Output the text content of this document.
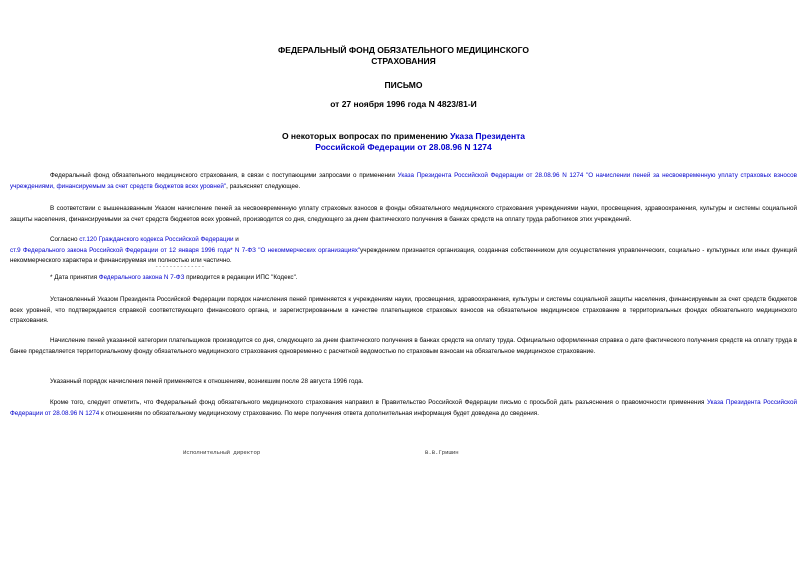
ФЕДЕРАЛЬНЫЙ ФОНД ОБЯЗАТЕЛЬНОГО МЕДИЦИНСКОГО
СТРАХОВАНИЯ
ПИСЬМО
от 27 ноября 1996 года N 4823/81-И
О некоторых вопросах по применению Указа Президента
Российской Федерации от 28.08.96 N 1274

Федеральный фонд обязательного медицинского страхования, в связи с поступающими запросами о применении Указа Президента Российской Федерации от 28.08.96 N 1274 "О начислении пеней за несвоевременную уплату страховых взносов учреждениями, финансируемым за счет средств бюджетов всех уровней", разъясняет следующее.

В соответствии с вышеназванным Указом начисление пеней за несвоевременную уплату страховых взносов в фонды обязательного медицинского страхования учреждениями науки, просвещения, здравоохранения, культуры и системы социальной защиты населения, финансируемыми за счет средств бюджетов всех уровней, производится со дня, следующего за днем фактического получения в банках средств на оплату труда работников этих учреждений.

Согласно ст.120 Гражданского кодекса Российской Федерации и
ст.9 Федерального закона Российской Федерации от 12 января 1996 года* N 7-ФЗ "О некоммерческих организациях"учреждением признается организация, созданная собственником для осуществления управленческих, социально - культурных или иных функций некоммерческого характера и финансируемая им полностью или частично.

--------------

* Дата принятия Федерального закона N 7-ФЗ приводится в редакции ИПС "Кодекс".

Установленный Указом Президента Российской Федерации порядок начисления пеней применяется к учреждениям науки, просвещения, здравоохранения, культуры и системы социальной защиты населения, финансируемым за счет средств бюджетов всех уровней, что подтверждается справкой соответствующего финансового органа, и зарегистрированным в качестве плательщиков страховых взносов на обязательное медицинское страхование в территориальных фондах обязательного медицинского страхования.

Начисление пеней указанной категории плательщиков производится со дня, следующего за днем фактического получения в банках средств на оплату труда. Официально оформленная справка о дате фактического получения средств на оплату труда в банке представляется территориальному фонду обязательного медицинского страхования одновременно с расчетной ведомостью по страховым взносам на обязательное медицинское страхование.

Указанный порядок начисления пеней применяется к отношениям, возникшим после 28 августа 1996 года.

Кроме того, следует отметить, что Федеральный фонд обязательного медицинского страхования направил в Правительство Российской Федерации письмо с просьбой дать разъяснения о правомочности применения Указа Президента Российской Федерации от 28.08.96 N 1274 к отношениям по обязательному медицинскому страхованию. По мере получения ответа дополнительная информация будет доведена до сведения.

Исполнительный директор	В.В.Гришин
